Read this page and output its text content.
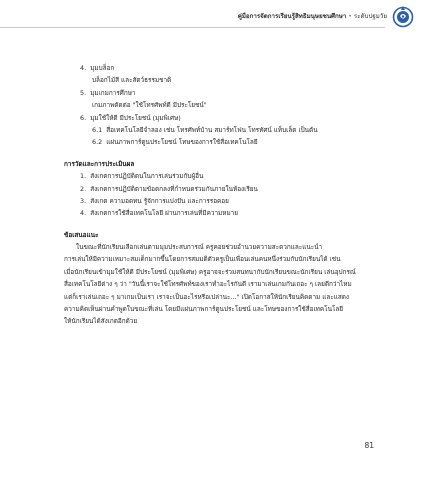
คู่มือการจัดการเรียนรู้สิทธิมนุษยชนศึกษา • ระดับปฐมวัย
4. มุมบล็อก
บล็อกไม้สี และสัตว์ธรรมชาติ
5. มุมเกมการศึกษา
เกมภาพตัดต่อ "ใช้โทรศัพท์ดี มีประโยชน์"
6. มุมใช้ให้ดี มีประโยชน์ (มุมพิเศษ)
6.1 สื่อเทคโนโลยีจำลอง เช่น โทรศัพท์บ้าน สมาร์ทโฟน โทรทัศน์ แท็บเล็ต เป็นต้น
6.2 แผ่นภาพการ์ตูนประโยชน์ โทษของการใช้สื่อเทคโนโลยี
การวัดและการประเมินผล
1. สังเกตการปฏิบัติตนในการเล่นร่วมกับผู้อื่น
2. สังเกตการปฏิบัติตามข้อตกลงที่กำหนดร่วมกันภายในห้องเรียน
3. สังเกต ความอดทน รู้จักการแบ่งปัน และการรอคอย
4. สังเกตการใช้สื่อเทคโนโลยี ผ่านการเล่นที่มีความหมาย
ข้อเสนอแนะ
ในขณะที่นักเรียนเลือกเล่นตามมุมประสบการณ์ ครูคอยช่วยอำนวยความสะดวกและแนะนำ
การเล่นให้มีความเหมาะสมเด็กมากขึ้นโดยการสมมติตัวครูเป็นเพื่อนเล่นคนหนึ่งร่วมกับนักเรียนได้ เช่น
เมื่อนักเรียนเข้ามุมใช้ให้ดี มีประโยชน์ (มุมพิเศษ) ครูอาจจะร่วมสนทนากับนักเรียนขณะนักเรียน เล่นอุปกรณ์
สื่อเทคโนโลยีต่าง ๆ ว่า "วันนี้เราจะใช้โทรศัพท์ของเราทำอะไรกันดี เรามาเล่นเกมกันเถอะ ๆ เลยดีกว่าไหม
แต่ก็เราเล่นเถอะ ๆ มาเกมเป็นเรา เราจะเป็นอะไรหรือเปล่านะ..." เปิดโอกาสให้นักเรียนคิดตาม และแสดง
ความคิดเห็นผ่านคำพูดในขณะที่เล่น โดยมีแผ่นภาพการ์ตูนประโยชน์ และโทษของการใช้สื่อเทคโนโลยี
ให้นักเรียนได้สังเกตอีกด้วย
81
